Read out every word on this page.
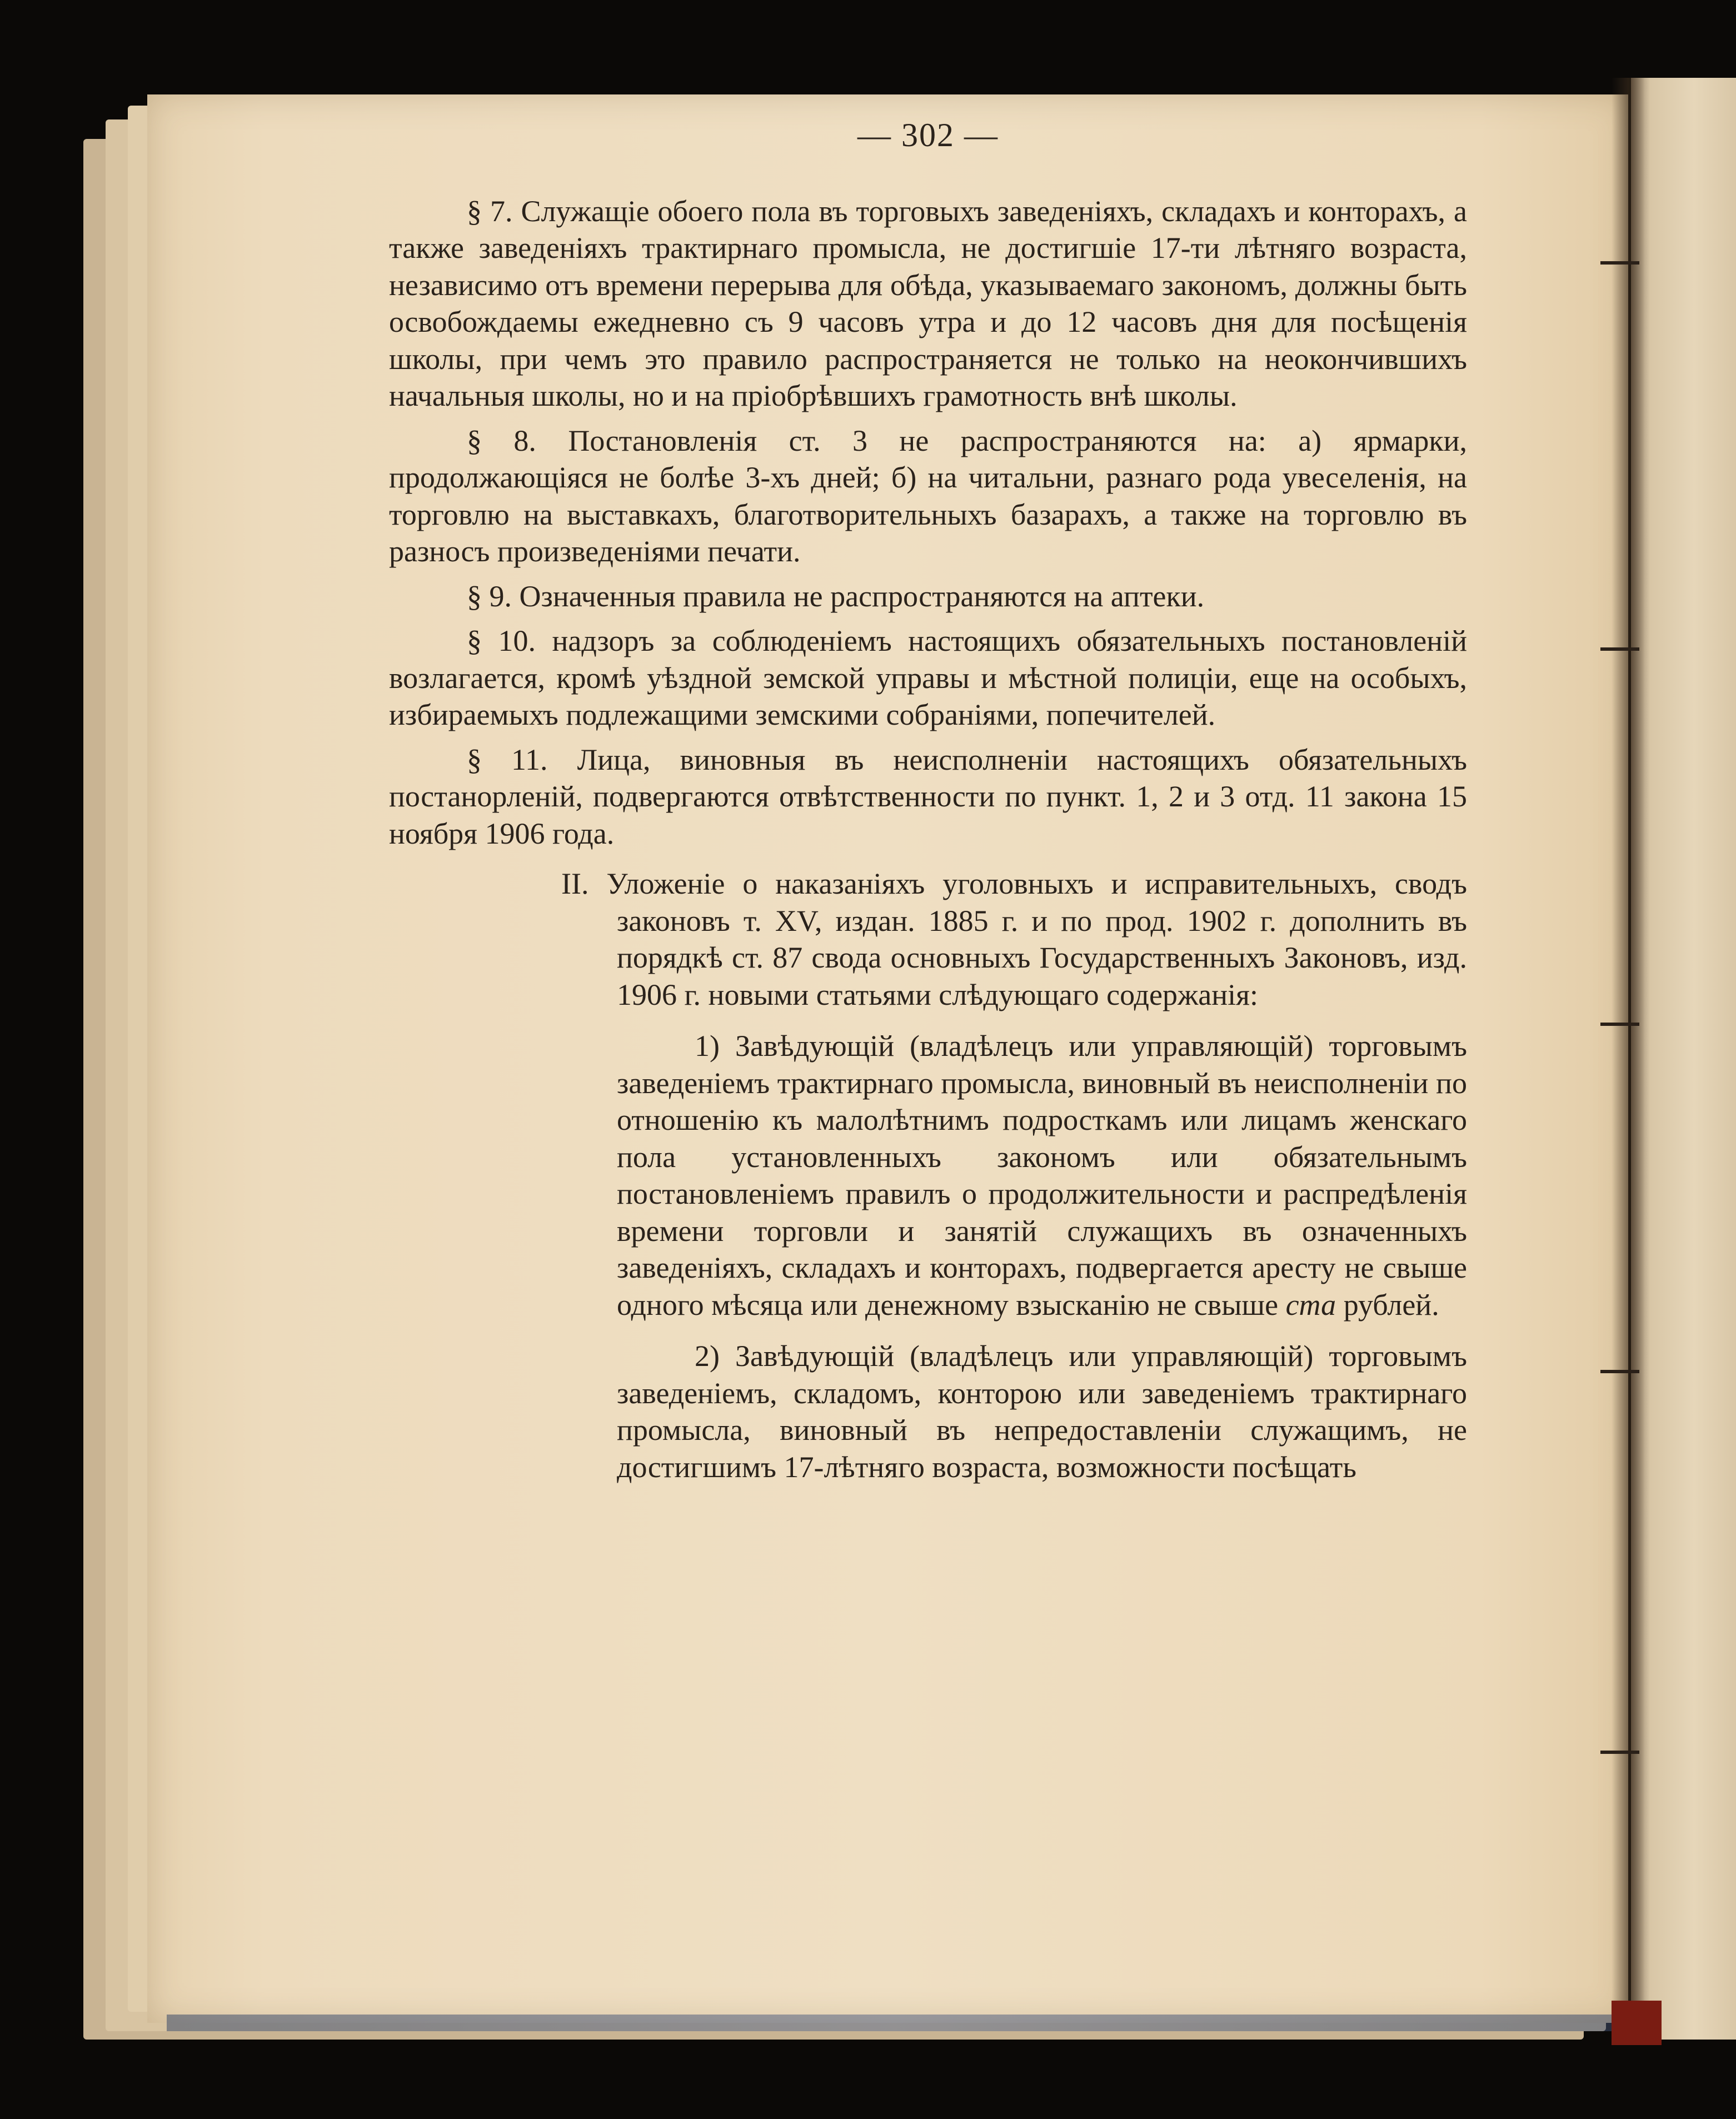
— 302 —

§ 7. Служащіе обоего пола въ торговыхъ заведеніяхъ, складахъ и конторахъ, а также заведеніяхъ трактирнаго промысла, не достигшіе 17-ти лѣтняго возраста, независимо отъ времени перерыва для обѣда, указываемаго закономъ, должны быть освобождаемы ежедневно съ 9 часовъ утра и до 12 часовъ дня для посѣщенія школы, при чемъ это правило распространяется не только на неокончившихъ начальныя школы, но и на пріобрѣвшихъ грамотность внѣ школы.

§ 8. Постановленія ст. 3 не распространяются на: а) ярмарки, продолжающіяся не болѣе 3-хъ дней; б) на читальни, разнаго рода увеселенія, на торговлю на выставкахъ, благотворительныхъ базарахъ, а также на торговлю въ разносъ произведеніями печати.

§ 9. Означенныя правила не распространяются на аптеки.

§ 10. надзоръ за соблюденіемъ настоящихъ обязательныхъ постановленій возлагается, кромѣ уѣздной земской управы и мѣстной полиціи, еще на особыхъ, избираемыхъ подлежащими земскими собраніями, попечителей.

§ 11. Лица, виновныя въ неисполненіи настоящихъ обязательныхъ постанорленій, подвергаются отвѣтственности по пункт. 1, 2 и 3 отд. 11 закона 15 ноября 1906 года.

II. Уложеніе о наказаніяхъ уголовныхъ и исправительныхъ, сводъ законовъ т. XV, издан. 1885 г. и по прод. 1902 г. дополнить въ порядкѣ ст. 87 свода основныхъ Государственныхъ Законовъ, изд. 1906 г. новыми статьями слѣдующаго содержанія:

1) Завѣдующій (владѣлецъ или управляющій) торговымъ заведеніемъ трактирнаго промысла, виновный въ неисполненіи по отношенію къ малолѣтнимъ подросткамъ или лицамъ женскаго пола установленныхъ закономъ или обязательнымъ постановленіемъ правилъ о продолжительности и распредѣленія времени торговли и занятій служащихъ въ означенныхъ заведеніяхъ, складахъ и конторахъ, подвергается аресту не свыше одного мѣсяца или денежному взысканію не свыше ста рублей.

2) Завѣдующій (владѣлецъ или управляющій) торговымъ заведеніемъ, складомъ, конторою или заведеніемъ трактирнаго промысла, виновный въ непредоставленіи служащимъ, не достигшимъ 17-лѣтняго возраста, возможности посѣщать
